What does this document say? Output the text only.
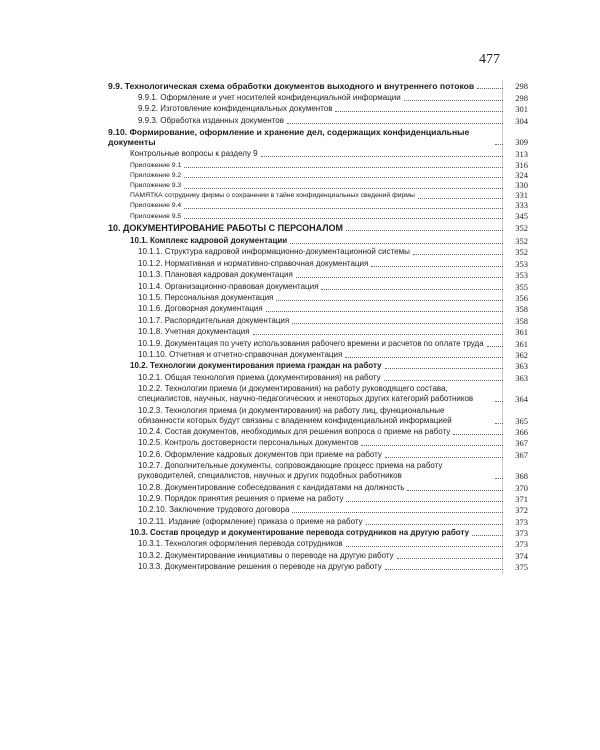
477
9.9. Технологическая схема обработки документов выходного и внутреннего потоков	298
9.9.1. Оформление и учет носителей конфиденциальной информации	298
9.9.2. Изготовление конфиденциальных документов	301
9.9.3. Обработка изданных документов	304
9.10. Формирование, оформление и хранение дел, содержащих конфиденциальные документы	309
Контрольные вопросы к разделу 9	313
Приложение 9.1	316
Приложение 9.2	324
Приложение 9.3	330
ПАМЯТКА сотруднику фирмы о сохранении в тайне конфиденциальных сведений фирмы	331
Приложение 9.4	333
Приложение 9.5	345
10. ДОКУМЕНТИРОВАНИЕ РАБОТЫ С ПЕРСОНАЛОМ	352
10.1. Комплекс кадровой документации	352
10.1.1. Структура кадровой информационно-документационной системы	352
10.1.2. Нормативная и нормативно-справочная документация	353
10.1.3. Плановая кадровая документация	353
10.1.4. Организационно-правовая документация	355
10.1.5. Персональная документация	356
10.1.6. Договорная документация	358
10.1.7. Распорядительная документация	358
10.1.8. Учетная документация	361
10.1.9. Документация по учету использования рабочего времени и расчетов по оплате труда	361
10.1.10. Отчетная и отчетно-справочная документация	362
10.2. Технологии документирования приема граждан на работу	363
10.2.1. Общая технология приема (документирования) на работу	363
10.2.2. Технологии приема (и документирования) на работу руководящего состава, специалистов, научных, научно-педагогических и некоторых других категорий работников	364
10.2.3. Технология приема (и документирования) на работу лиц, функциональные обязанности которых будут связаны с владением конфиденциальной информацией	365
10.2.4. Состав документов, необходимых для решения вопроса о приеме на работу	366
10.2.5. Контроль достоверности персональных документов	367
10.2.6. Оформление кадровых документов при приеме на работу	367
10.2.7. Дополнительные документы, сопровождающие процесс приема на работу руководителей, специалистов, научных и других подобных работников	368
10.2.8. Документирование собеседования с кандидатами на должность	370
10.2.9. Порядок принятия решения о приеме на работу	371
10.2.10. Заключение трудового договора	372
10.2.11. Издание (оформление) приказа о приеме на работу	373
10.3. Состав процедур и документирование перевода сотрудников на другую работу	373
10.3.1. Технология оформления перевода сотрудников	373
10.3.2. Документирование инициативы о переводе на другую работу	374
10.3.3. Документирование решения о переводе на другую работу	375
